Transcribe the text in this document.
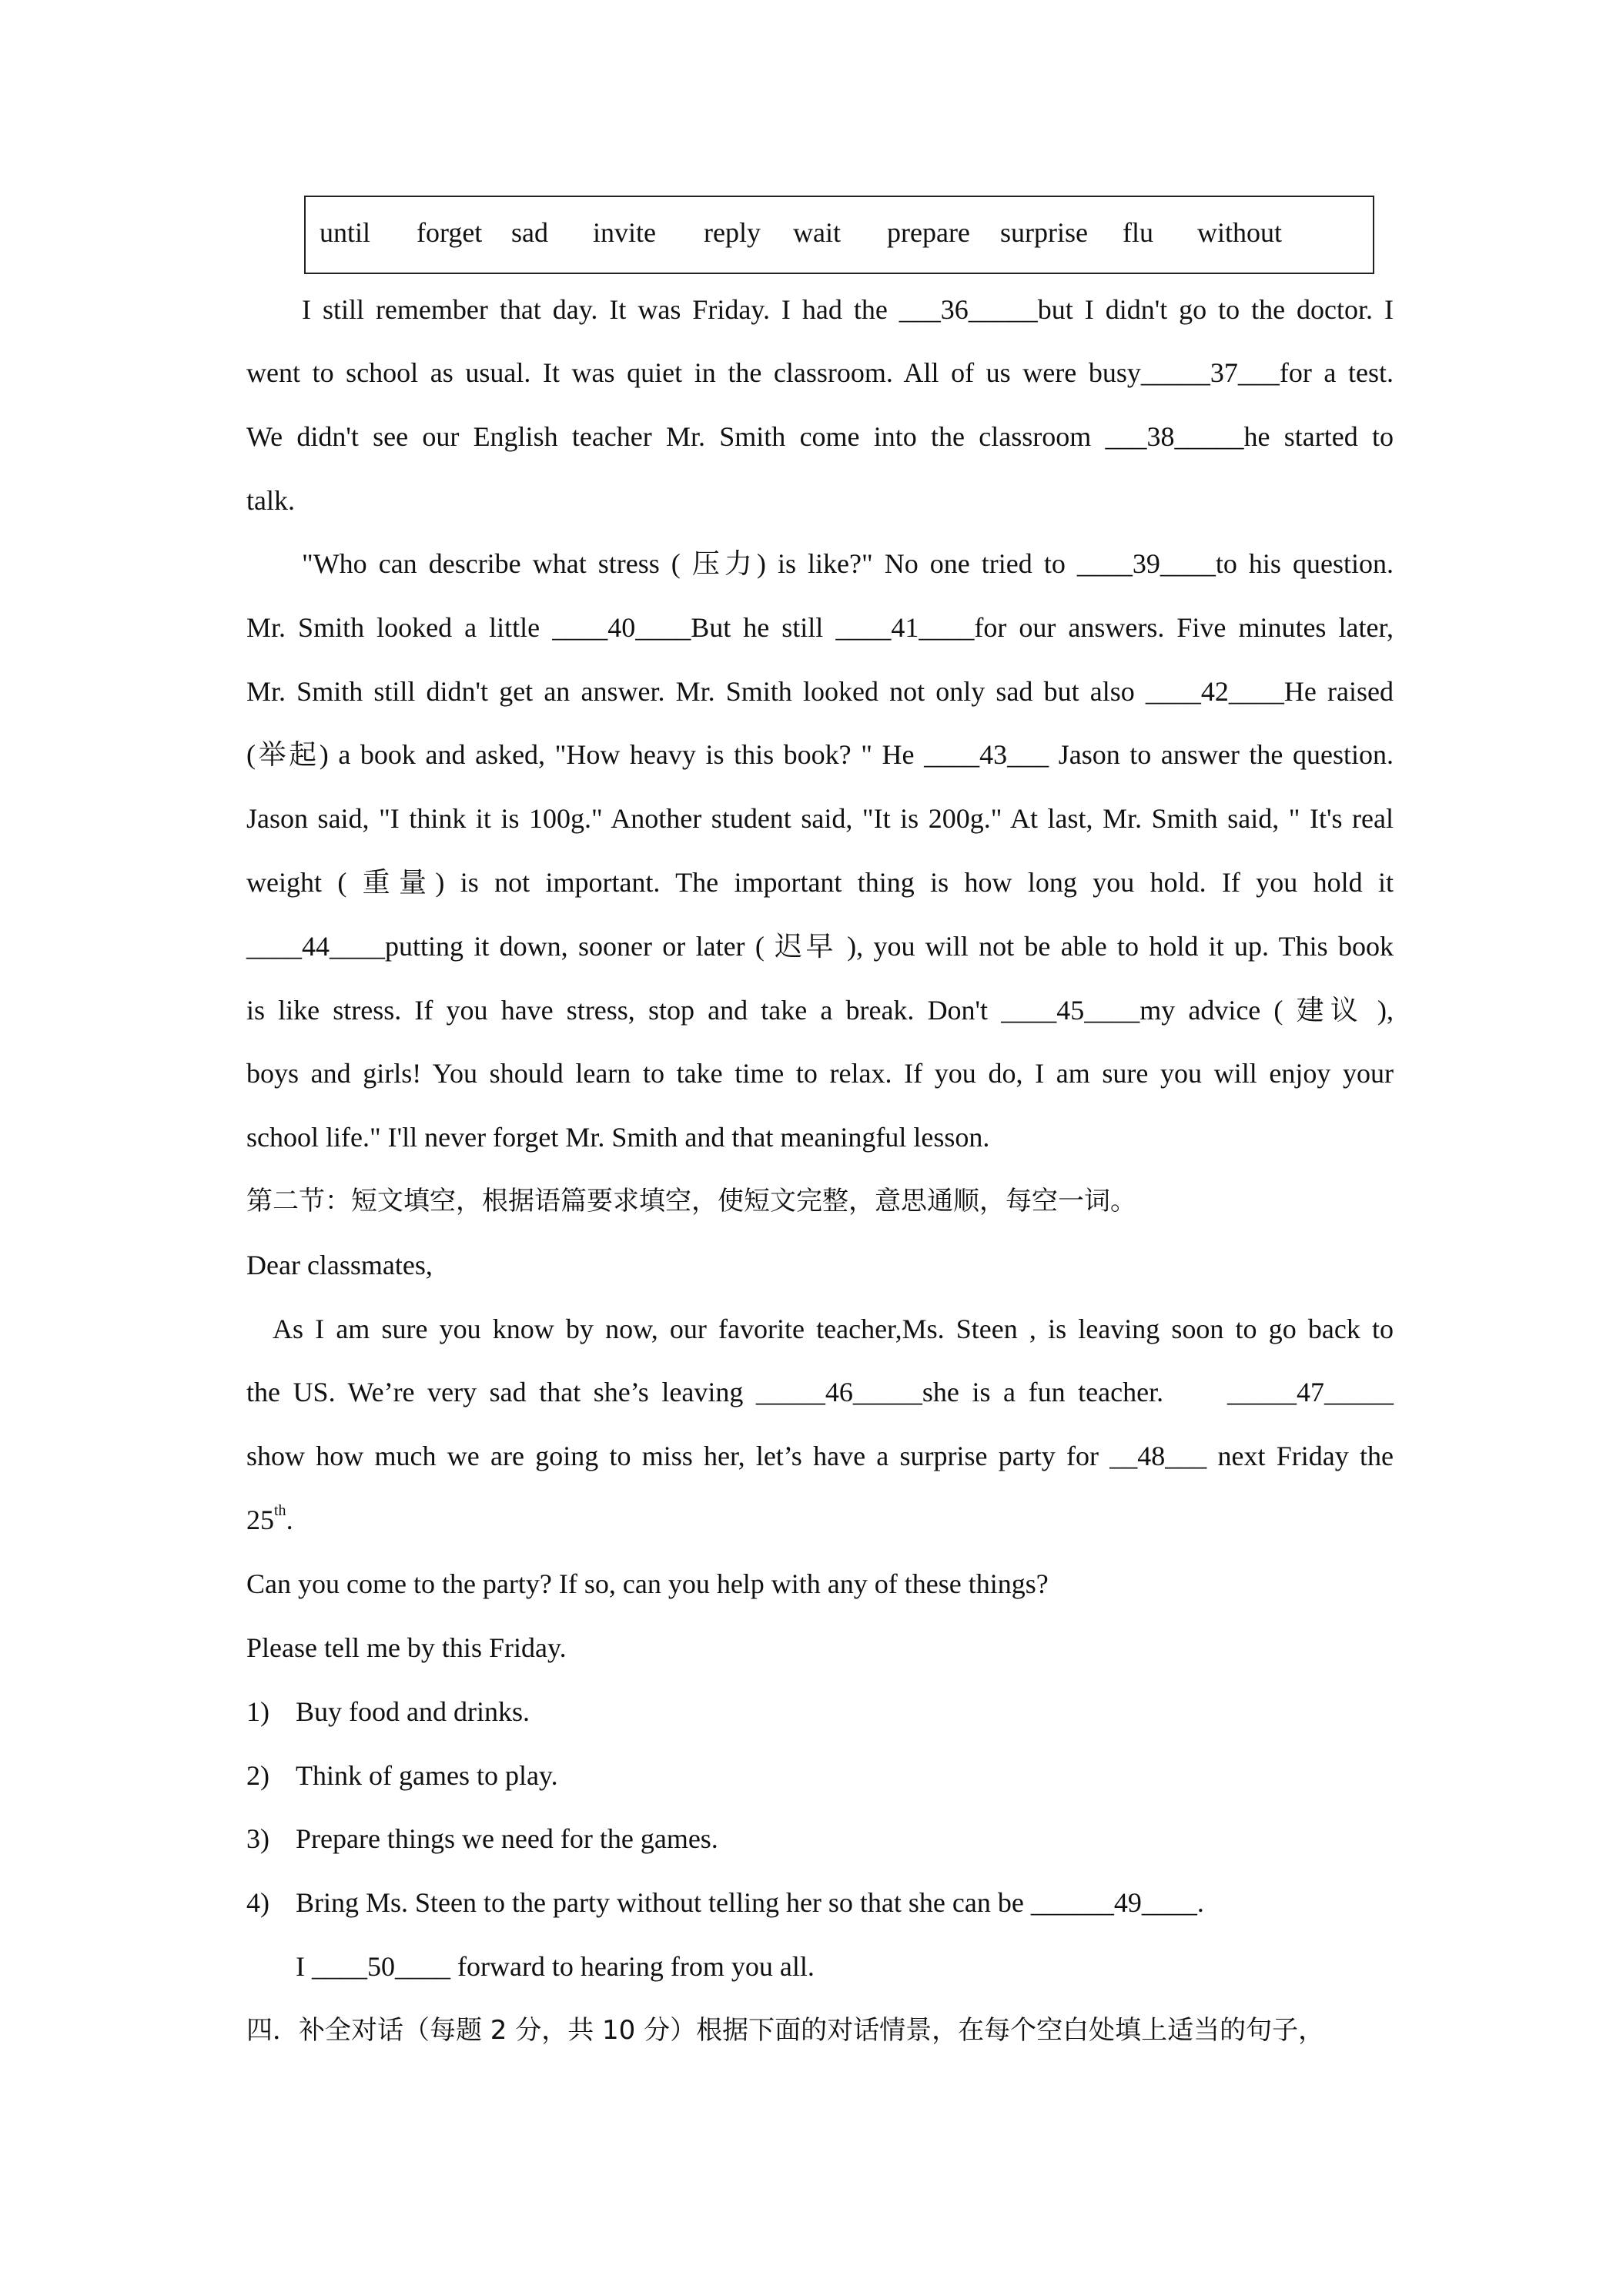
until forget sad invite reply wait prepare surprise flu without
I still remember that day. It was Friday. I had the ___36_____but I didn't go to the doctor. I
went to school as usual. It was quiet in the classroom. All of us were busy_____37___for a test.
We didn't see our English teacher Mr. Smith come into the classroom ___38_____he started to
talk.
"Who can describe what stress ( 压力) is like?" No one tried to ____39____to his question.
Mr. Smith looked a little ____40____But he still ____41____for our answers. Five minutes later,
Mr. Smith still didn't get an answer. Mr. Smith looked not only sad but also ____42____He raised
(举起) a book and asked, "How heavy is this book? " He ____43___ Jason to answer the question.
Jason said, "I think it is 100g." Another student said, "It is 200g." At last, Mr. Smith said, " It's real
weight ( 重量) is not important. The important thing is how long you hold. If you hold it
____44____putting it down, sooner or later ( 迟早 ), you will not be able to hold it up. This book
is like stress. If you have stress, stop and take a break. Don't ____45____my advice ( 建议 ),
boys and girls! You should learn to take time to relax. If you do, I am sure you will enjoy your
school life." I'll never forget Mr. Smith and that meaningful lesson.
第二节：短文填空，根据语篇要求填空，使短文完整，意思通顺，每空一词。
Dear classmates,
As I am sure you know by now, our favorite teacher,Ms. Steen , is leaving soon to go back to
the US. We’re very sad that she’s leaving _____46_____she is a fun teacher.     _____47_____
show how much we are going to miss her, let’s have a surprise party for __48___ next Friday the
25th.
Can you come to the party? If so, can you help with any of these things?
Please tell me by this Friday.
1) Buy food and drinks.
2) Think of games to play.
3) Prepare things we need for the games.
4) Bring Ms. Steen to the party without telling her so that she can be ______49____.
I ____50____ forward to hearing from you all.
四．补全对话（每题 2 分，共 10 分）根据下面的对话情景，在每个空白处填上适当的句子，
